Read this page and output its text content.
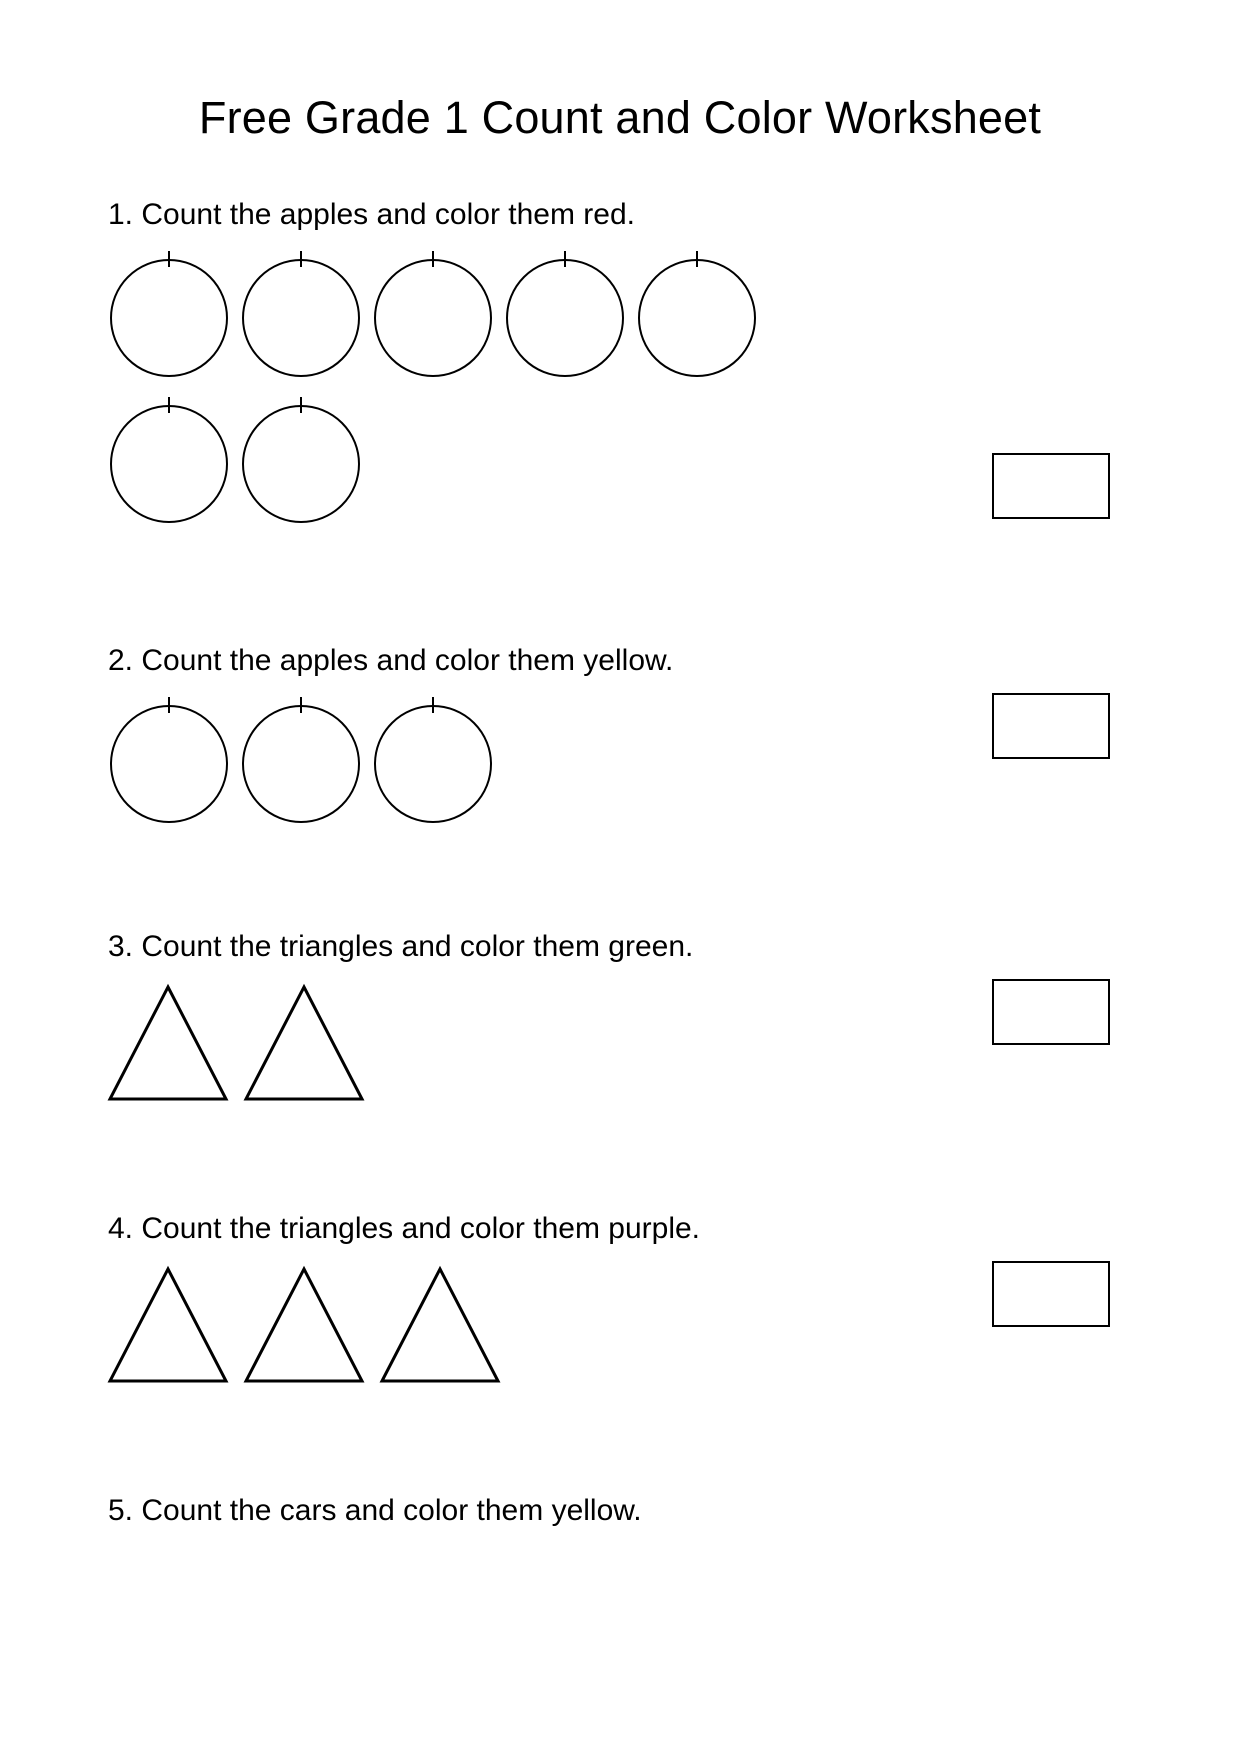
Free Grade 1 Count and Color Worksheet
1. Count the apples and color them red.
2. Count the apples and color them yellow.
3. Count the triangles and color them green.
4. Count the triangles and color them purple.
5. Count the cars and color them yellow.
